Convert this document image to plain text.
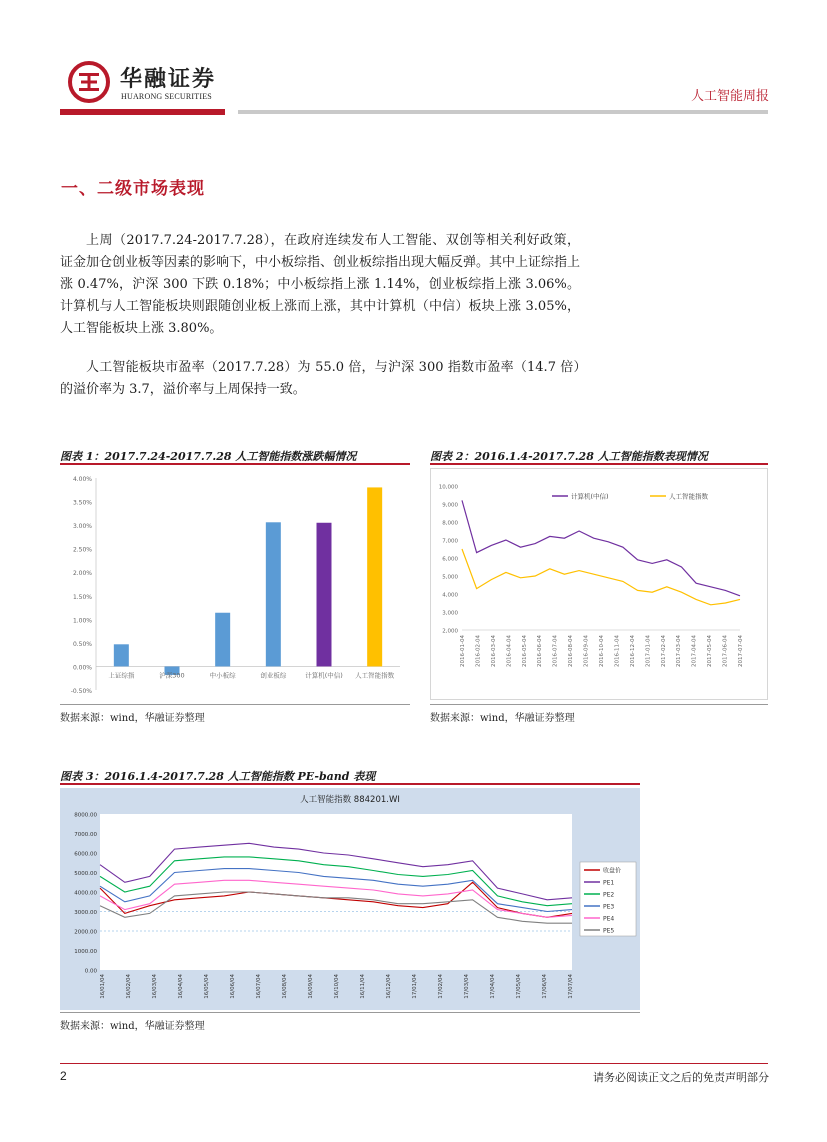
华融证券
HUARONG SECURITIES	人工智能周报
一、二级市场表现

上周（2017.7.24-2017.7.28），在政府连续发布人工智能、双创等相关利好政策，证金加仓创业板等因素的影响下，中小板综指、创业板综指出现大幅反弹。其中上证综指上涨 0.47%，沪深 300 下跌 0.18%；中小板综指上涨 1.14%，创业板综指上涨 3.06%。计算机与人工智能板块则跟随创业板上涨而上涨，其中计算机（中信）板块上涨 3.05%，人工智能板块上涨 3.80%。

人工智能板块市盈率（2017.7.28）为 55.0 倍，与沪深 300 指数市盈率（14.7 倍）的溢价率为 3.7，溢价率与上周保持一致。

图表 1：2017.7.24-2017.7.28 人工智能指数涨跌幅情况
4.00%
3.50%
3.00%
2.50%
2.00%
1.50%
1.00%
0.50%
0.00%
-0.50%
上证综指	沪深300	中小板综	创业板综	计算机(中信) 人工智能指数
数据来源：wind，华融证券整理
图表 2：2016.1.4-2017.7.28 人工智能指数表现情况
10,000
9,000
8,000
7,000
6,000
5,000
4,000
3,000
2,000
2016-01-04 2016-02-04 2016-03-04 2016-04-04 2016-05-04 2016-06-04 2016-07-04 2016-08-04 2016-09-04 2016-10-04 2016-11-04 2016-12-04 2017-01-04 2017-02-04 2017-03-04 2017-04-04 2017-05-04 2017-06-04 2017-07-04
计算机(中信)	人工智能指数
数据来源：wind，华融证券整理
图表 3：2016.1.4-2017.7.28 人工智能指数 PE-band 表现
人工智能指数 884201.WI
8000.00
7000.00
6000.00
5000.00
4000.00
3000.00
2000.00
1000.00
0.00
16/01/04	16/02/04	16/03/04	16/04/04	16/05/04	16/06/04	16/07/04	16/08/04	16/09/04	16/10/04	16/11/04	16/12/04	17/01/04	17/02/04	17/03/04	17/04/04	17/05/04	17/06/04	17/07/04
收盘价
PE1
PE2
PE3
PE4
PE5
数据来源：wind，华融证券整理
2	请务必阅读正文之后的免责声明部分
